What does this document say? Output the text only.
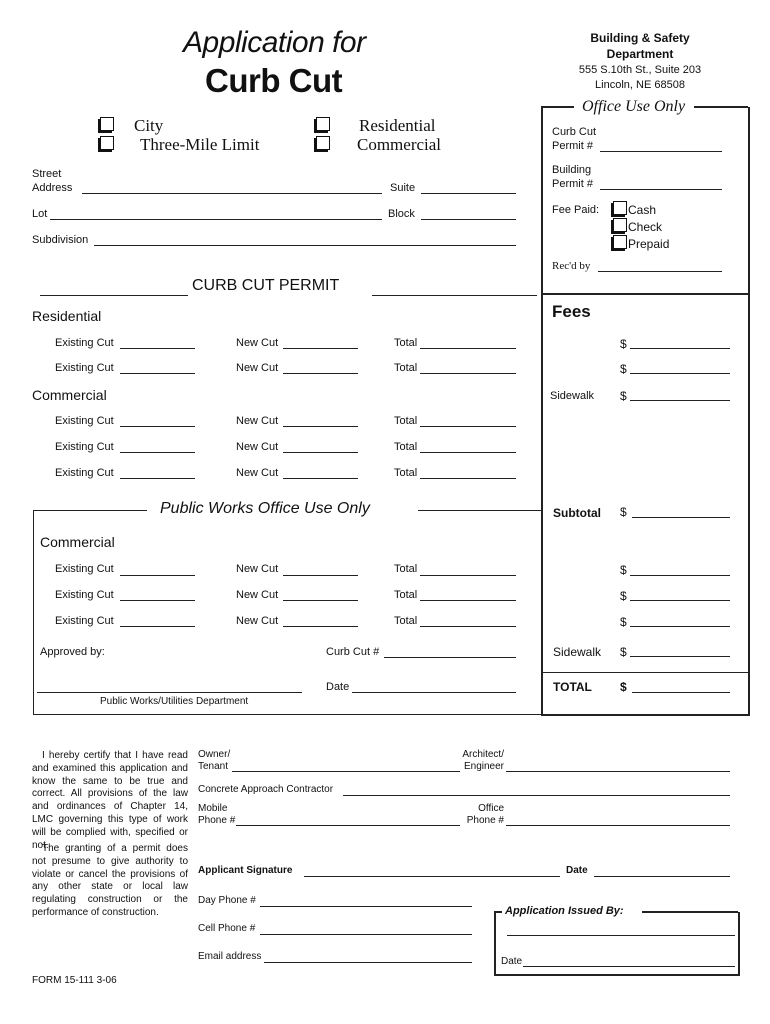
Application for
Curb Cut
Building & Safety
Department
555 S.10th St., Suite 203
Lincoln, NE 68508
Office Use Only
Curb Cut
Permit #
Building
Permit #
Fee Paid: Cash
Check
Prepaid
Rec'd by
Fees
$
$
Sidewalk $
Subtotal $
$
$
$
Sidewalk $
TOTAL $
City
Three-Mile Limit
Residential
Commercial
Street
Address	Suite
Lot	Block
Subdivision
CURB CUT PERMIT
Residential
Existing Cut	New Cut	Total
Existing Cut	New Cut	Total
Commercial
Existing Cut	New Cut	Total
Existing Cut	New Cut	Total
Existing Cut	New Cut	Total
Public Works Office Use Only
Commercial
Existing Cut	New Cut	Total
Existing Cut	New Cut	Total
Existing Cut	New Cut	Total
Approved by:	Curb Cut #
Date
Public Works/Utilities Department
I hereby certify that I have read and examined this application and know the same to be true and correct. All provisions of the law and ordinances of Chapter 14, LMC governing this type of work will be complied with, specified or not.
The granting of a permit does not presume to give authority to violate or cancel the provisions of any other state or local law regulating construction or the performance of construction.
Owner/
Tenant
Architect/
Engineer
Concrete Approach Contractor
Mobile
Phone #
Office
Phone #
Applicant Signature	Date
Day Phone #
Cell Phone #
Email address
Application Issued By:
Date
FORM 15-111 3-06
